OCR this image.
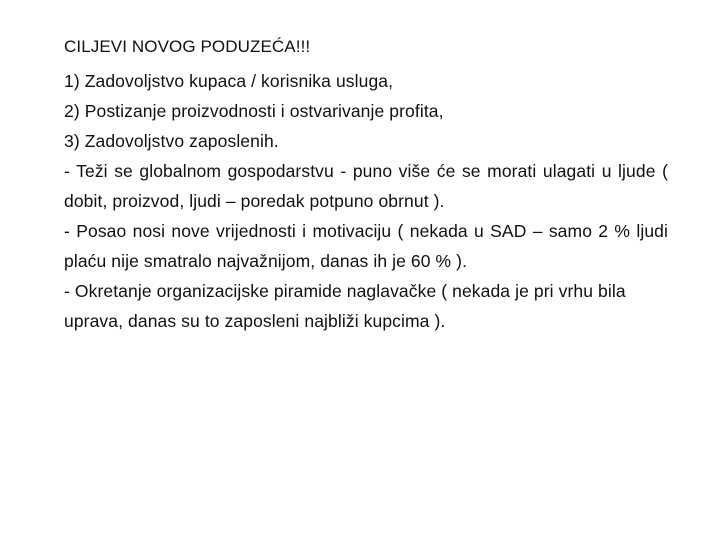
CILJEVI NOVOG PODUZEĆA!!!

1) Zadovoljstvo kupaca / korisnika usluga,

2) Postizanje proizvodnosti i ostvarivanje profita,

3) Zadovoljstvo zaposlenih.

- Teži se globalnom gospodarstvu - puno više će se morati ulagati u ljude ( dobit, proizvod, ljudi – poredak potpuno obrnut ).

- Posao nosi nove vrijednosti i motivaciju ( nekada u SAD – samo 2 % ljudi plaću nije smatralo najvažnijom, danas ih je 60 % ).

- Okretanje organizacijske piramide naglavačke ( nekada je pri vrhu bila uprava, danas su to zaposleni najbliži kupcima ).
